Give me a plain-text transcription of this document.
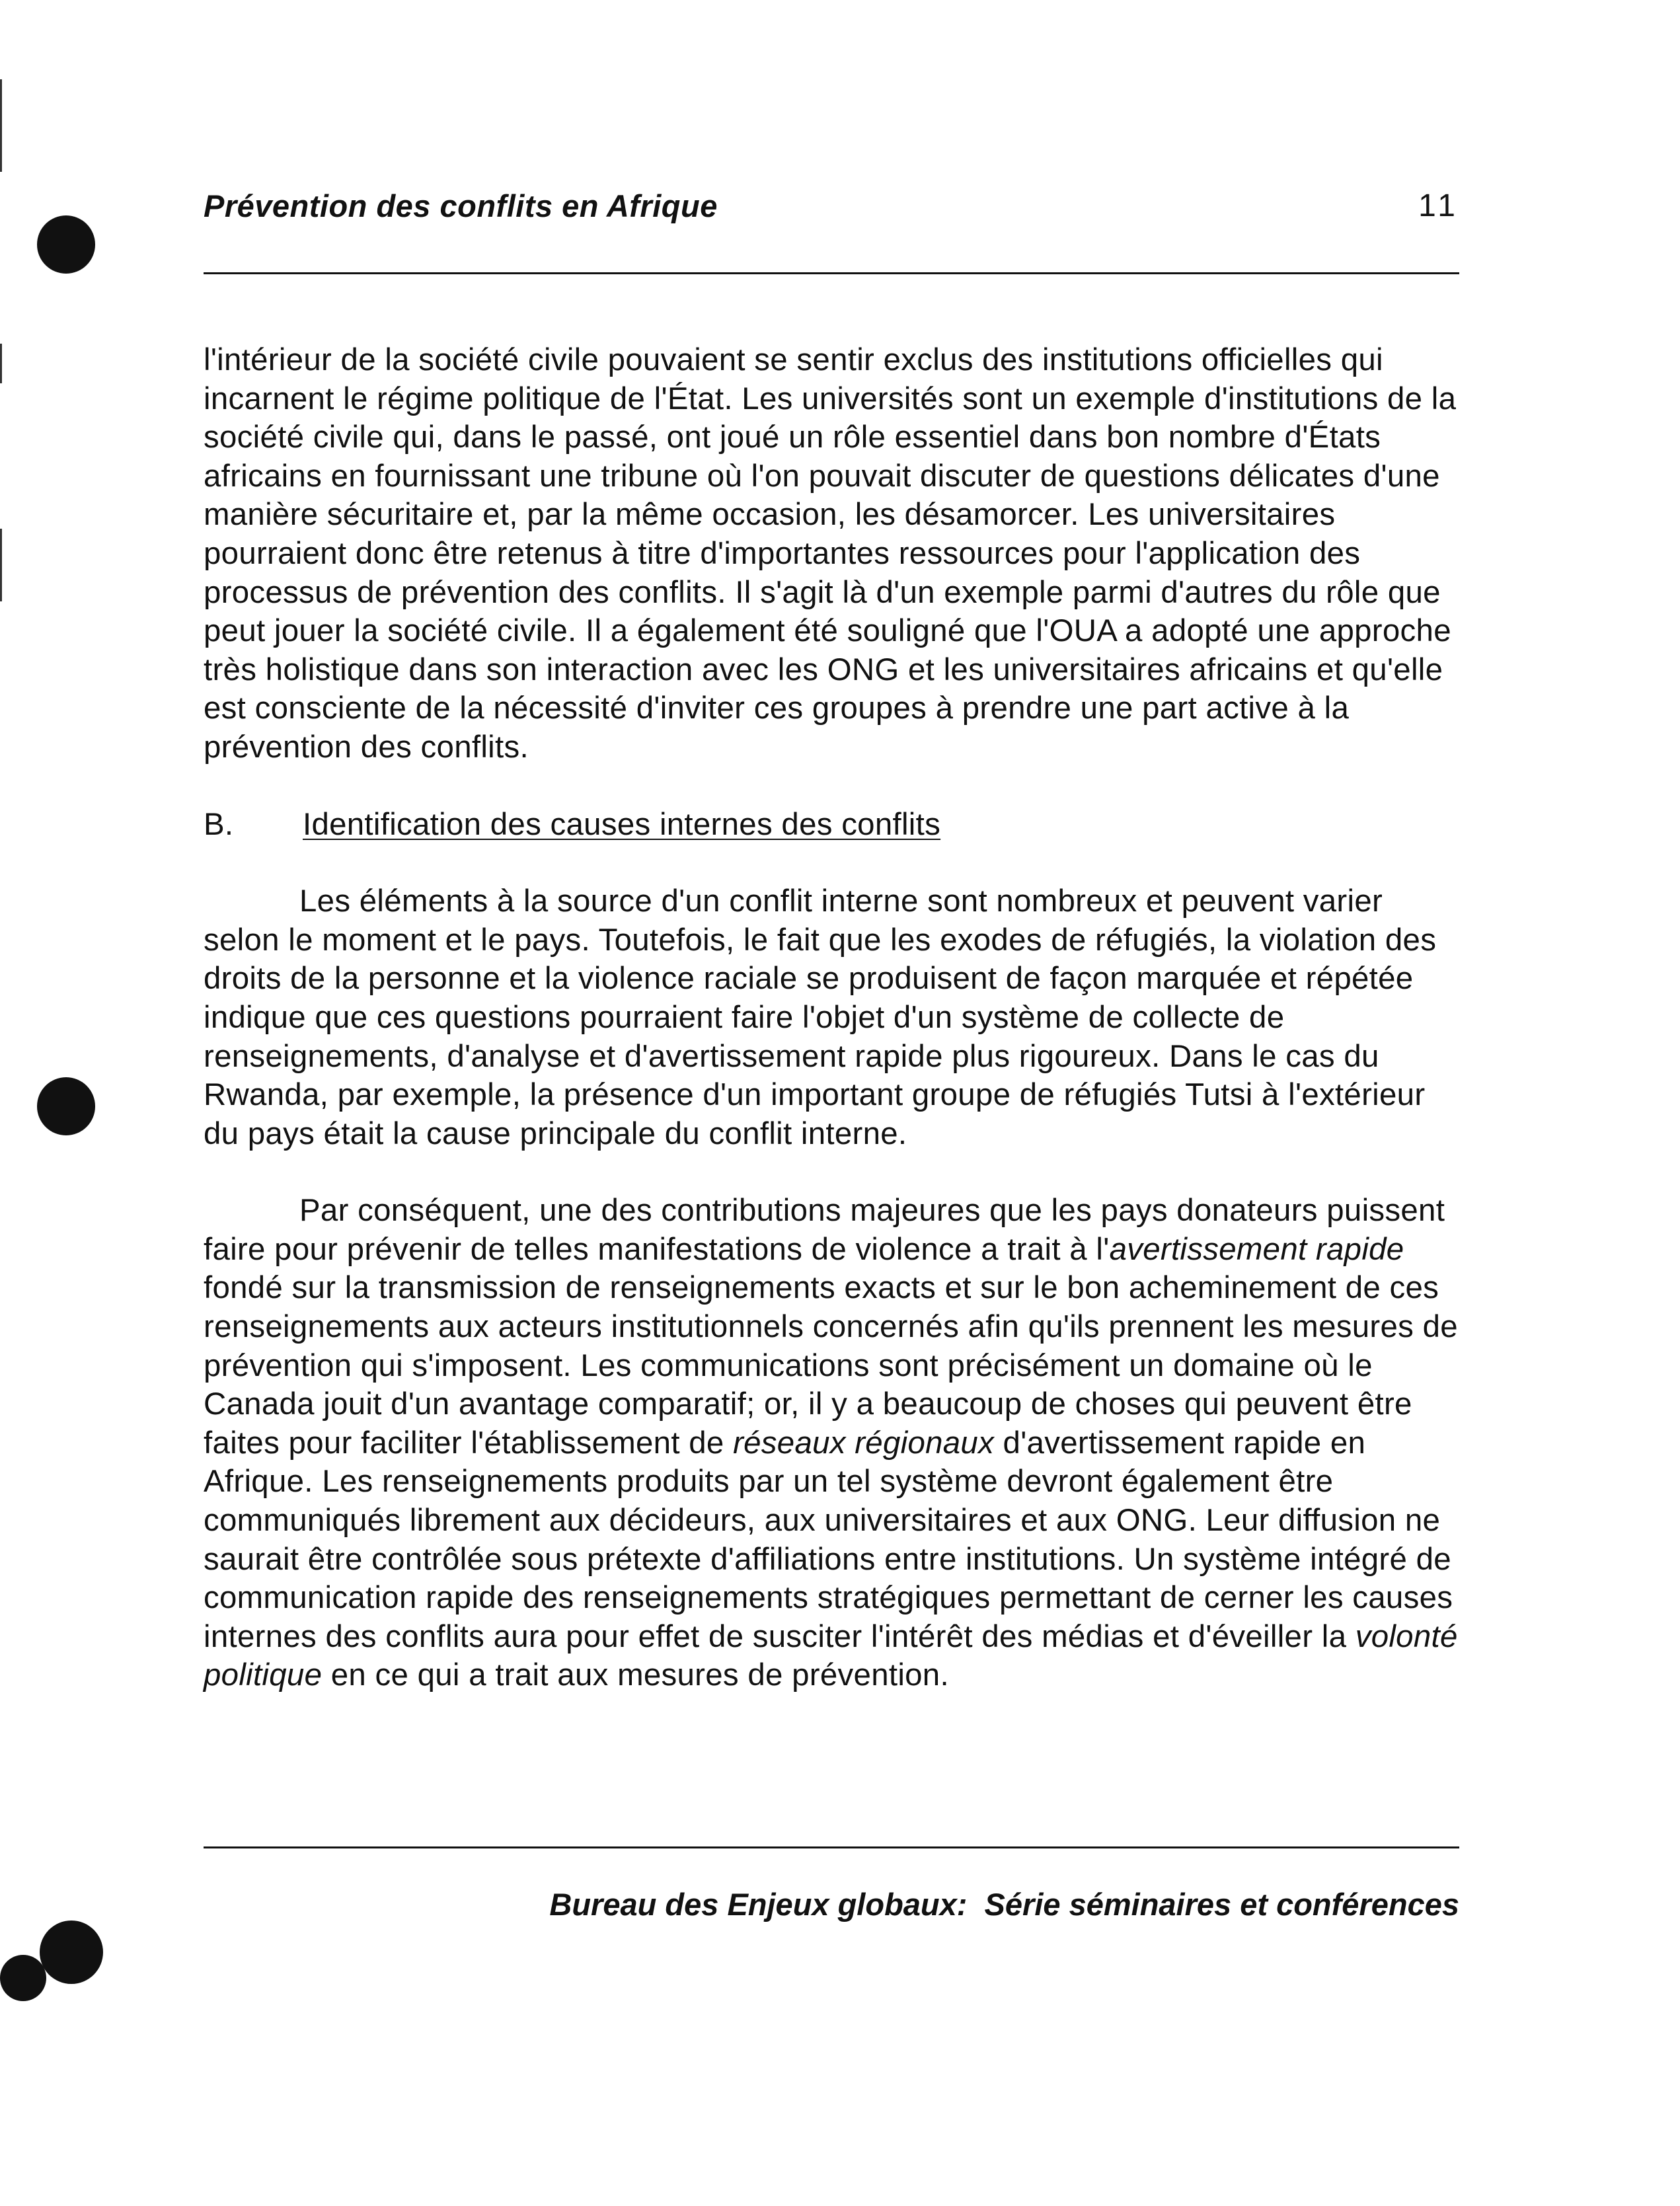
Prévention des conflits en Afrique	11

l'intérieur de la société civile pouvaient se sentir exclus des institutions officielles qui incarnent le régime politique de l'État. Les universités sont un exemple d'institutions de la société civile qui, dans le passé, ont joué un rôle essentiel dans bon nombre d'États africains en fournissant une tribune où l'on pouvait discuter de questions délicates d'une manière sécuritaire et, par la même occasion, les désamorcer. Les universitaires pourraient donc être retenus à titre d'importantes ressources pour l'application des processus de prévention des conflits. Il s'agit là d'un exemple parmi d'autres du rôle que peut jouer la société civile. Il a également été souligné que l'OUA a adopté une approche très holistique dans son interaction avec les ONG et les universitaires africains et qu'elle est consciente de la nécessité d'inviter ces groupes à prendre une part active à la prévention des conflits.

B.	Identification des causes internes des conflits

Les éléments à la source d'un conflit interne sont nombreux et peuvent varier selon le moment et le pays. Toutefois, le fait que les exodes de réfugiés, la violation des droits de la personne et la violence raciale se produisent de façon marquée et répétée indique que ces questions pourraient faire l'objet d'un système de collecte de renseignements, d'analyse et d'avertissement rapide plus rigoureux. Dans le cas du Rwanda, par exemple, la présence d'un important groupe de réfugiés Tutsi à l'extérieur du pays était la cause principale du conflit interne.

Par conséquent, une des contributions majeures que les pays donateurs puissent faire pour prévenir de telles manifestations de violence a trait à l'avertissement rapide fondé sur la transmission de renseignements exacts et sur le bon acheminement de ces renseignements aux acteurs institutionnels concernés afin qu'ils prennent les mesures de prévention qui s'imposent. Les communications sont précisément un domaine où le Canada jouit d'un avantage comparatif; or, il y a beaucoup de choses qui peuvent être faites pour faciliter l'établissement de réseaux régionaux d'avertissement rapide en Afrique. Les renseignements produits par un tel système devront également être communiqués librement aux décideurs, aux universitaires et aux ONG. Leur diffusion ne saurait être contrôlée sous prétexte d'affiliations entre institutions. Un système intégré de communication rapide des renseignements stratégiques permettant de cerner les causes internes des conflits aura pour effet de susciter l'intérêt des médias et d'éveiller la volonté politique en ce qui a trait aux mesures de prévention.

Bureau des Enjeux globaux:  Série séminaires et conférences
